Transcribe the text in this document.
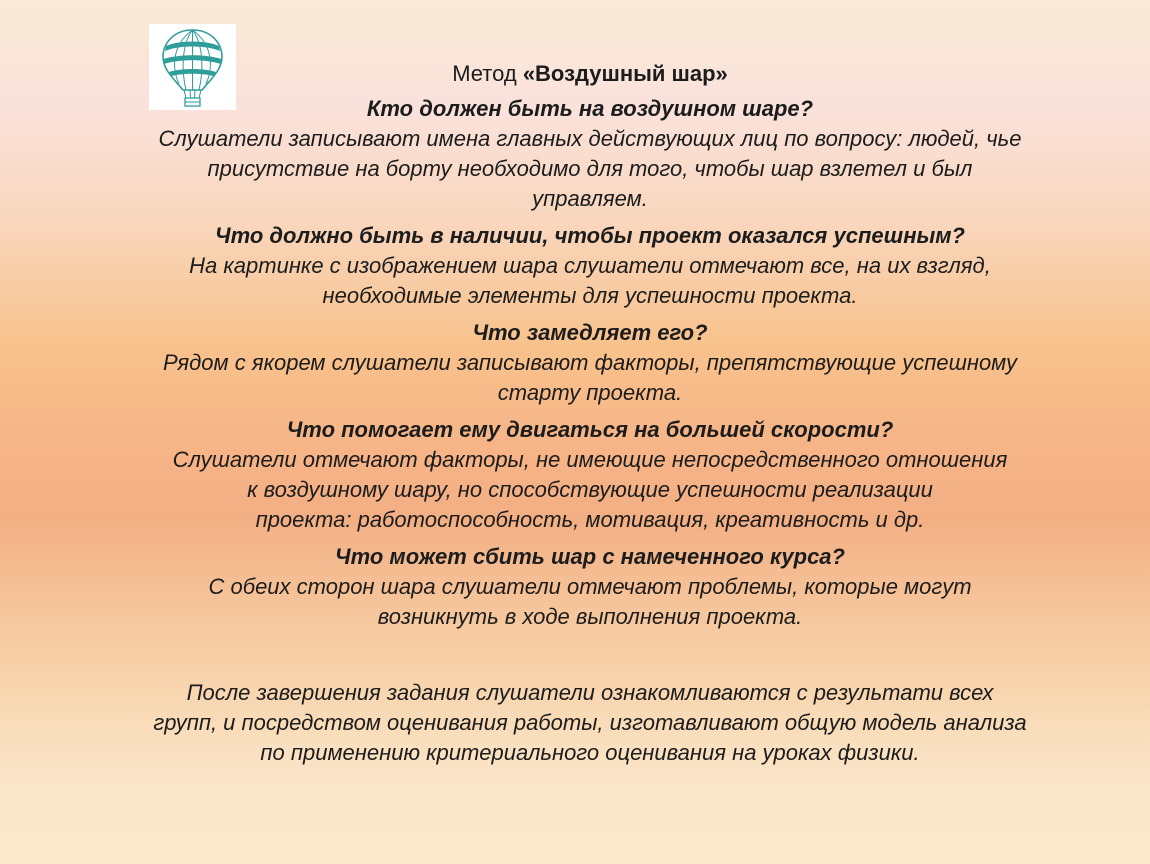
Метод «Воздушный шар»

Кто должен быть на воздушном шаре?

Слушатели записывают имена главных действующих лиц по вопросу: людей, чье
присутствие на борту необходимо для того, чтобы шар взлетел и был
управляем.

Что должно быть в наличии, чтобы проект оказался успешным?

На картинке с изображением шара слушатели отмечают все, на их взгляд,
необходимые элементы для успешности проекта.

Что замедляет его?

Рядом с якорем слушатели записывают факторы, препятствующие успешному
старту проекта.

Что помогает ему двигаться на большей скорости?

Слушатели отмечают факторы, не имеющие непосредственного отношения
к воздушному шару, но способствующие успешности реализации
проекта: работоспособность, мотивация, креативность и др.

Что может сбить шар с намеченного курса?

С обеих сторон шара слушатели отмечают проблемы, которые могут
возникнуть в ходе выполнения проекта.

После завершения задания слушатели ознакомливаются с результати всех
групп, и посредством оценивания работы, изготавливают общую модель анализа
по применению критериального оценивания на уроках физики.
